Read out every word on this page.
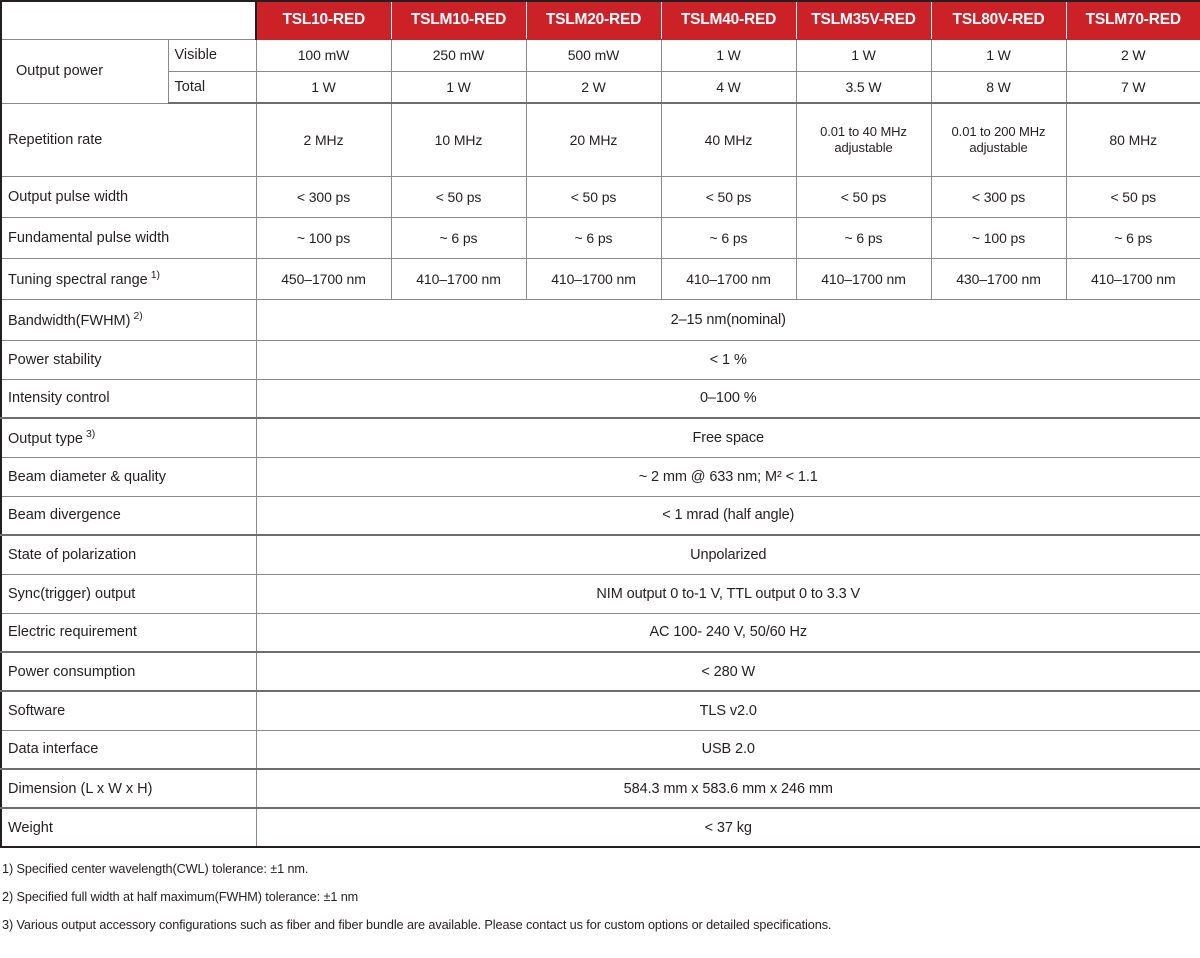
		TSL10-RED	TSLM10-RED	TSLM20-RED	TSLM40-RED	TSLM35V-RED	TSL80V-RED	TSLM70-RED
Output power	Visible	100 mW	250 mW	500 mW	1 W	1 W	1 W	2 W
	Total	1 W	1 W	2 W	4 W	3.5 W	8 W	7 W
Repetition rate		2 MHz	10 MHz	20 MHz	40 MHz	0.01 to 40 MHz adjustable	0.01 to 200 MHz adjustable	80 MHz
Output pulse width		< 300 ps	< 50 ps	< 50 ps	< 50 ps	< 50 ps	< 300 ps	< 50 ps
Fundamental pulse width		~ 100 ps	~ 6 ps	~ 6 ps	~ 6 ps	~ 6 ps	~ 100 ps	~ 6 ps
Tuning spectral range $^{1)}$		450–1700 nm	410–1700 nm	410–1700 nm	410–1700 nm	410–1700 nm	430–1700 nm	410–1700 nm
Bandwidth(FWHM) $^{2)}$		2–15 nm(nominal)						
Power stability		< 1 %						
Intensity control		0–100 %						
Output type $^{3)}$		Free space						
Beam diameter & quality		~ 2 mm @ 633 nm; M² < 1.1						
Beam divergence		< 1 mrad (half angle)						
State of polarization		Unpolarized						
Sync(trigger) output		NIM output 0 to-1 V, TTL output 0 to 3.3 V						
Electric requirement		AC 100- 240 V, 50/60 Hz						
Power consumption		< 280 W						
Software		TLS v2.0						
Data interface		USB 2.0						
Dimension (L x W x H)		584.3 mm x 583.6 mm x 246 mm						
Weight		< 37 kg						

1) Specified center wavelength(CWL) tolerance: ±1 nm.

2) Specified full width at half maximum(FWHM) tolerance: ±1 nm

3) Various output accessory configurations such as fiber and fiber bundle are available. Please contact us for custom options or detailed specifications.
